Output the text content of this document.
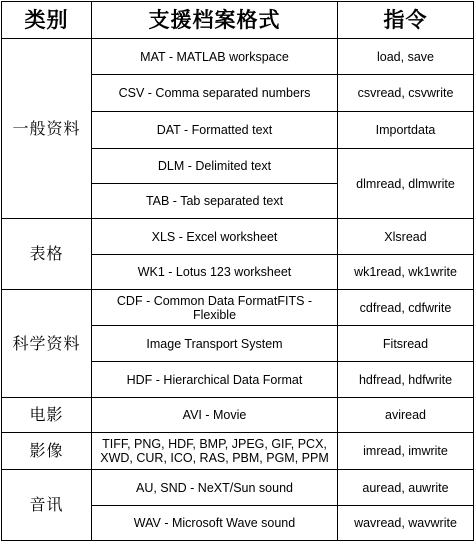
类别	支援档案格式	指令
一般资料	MAT - MATLAB workspace	load, save
	CSV - Comma separated numbers	csvread, csvwrite
	DAT - Formatted text	Importdata
	DLM - Delimited text	dlmread, dlmwrite
	TAB - Tab separated text	
表格	XLS - Excel worksheet	Xlsread
	WK1 - Lotus 123 worksheet	wk1read, wk1write
科学资料	CDF - Common Data FormatFITS - Flexible	cdfread, cdfwrite
	Image Transport System	Fitsread
	HDF - Hierarchical Data Format	hdfread, hdfwrite
电影	AVI - Movie	aviread
影像	TIFF, PNG, HDF, BMP, JPEG, GIF, PCX, XWD, CUR, ICO, RAS, PBM, PGM, PPM	imread, imwrite
音讯	AU, SND - NeXT/Sun sound	auread, auwrite
	WAV - Microsoft Wave sound	wavread, wavwrite
